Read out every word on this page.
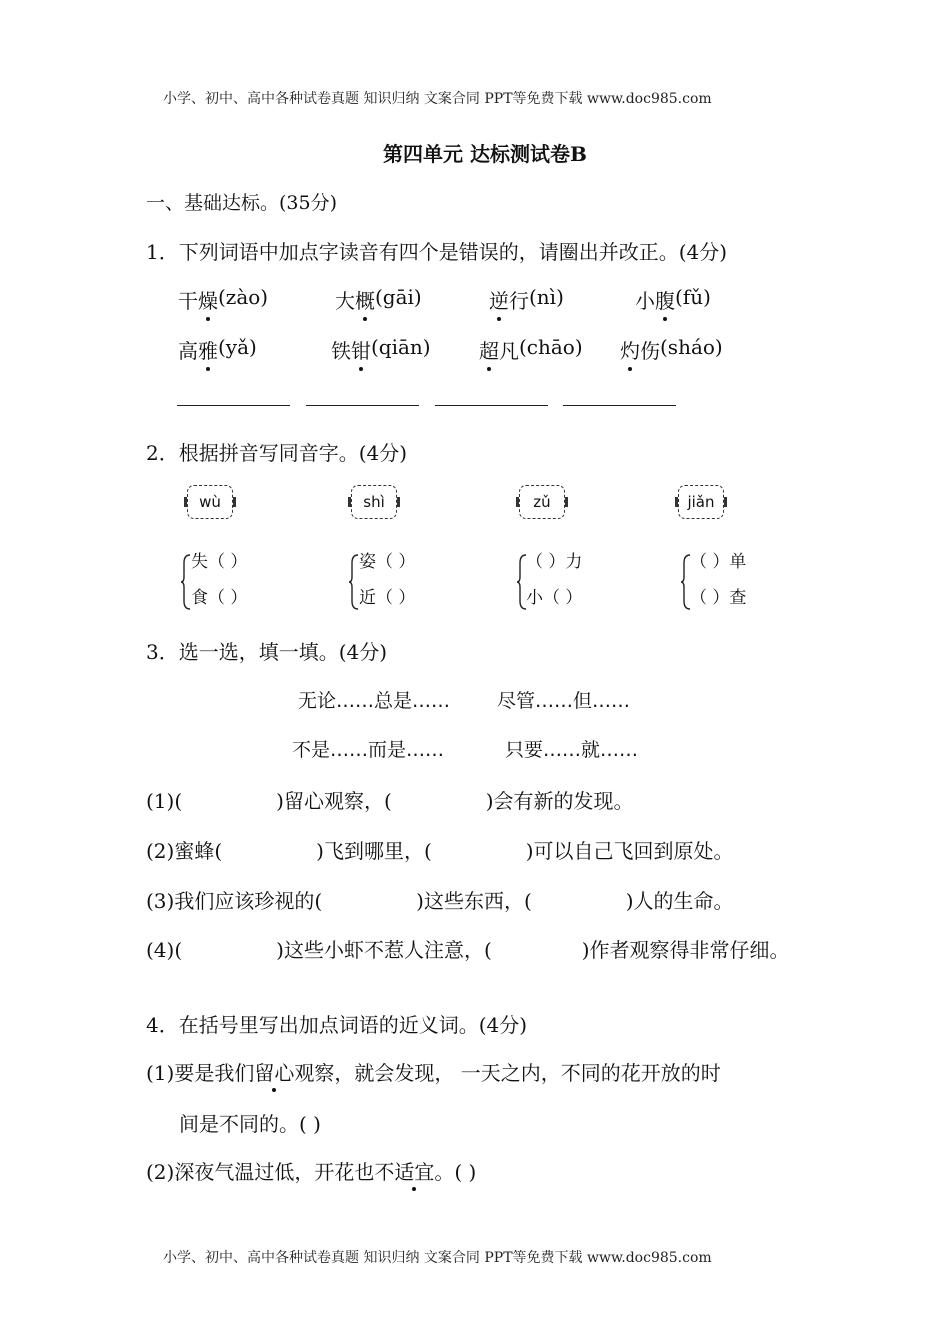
小学、初中、高中各种试卷真题 知识归纳 文案合同 PPT等免费下载 www.doc985.com
第四单元 达标测试卷B
一、基础达标。(35分)
1．下列词语中加点字读音有四个是错误的，请圈出并改正。(4分)
干 燥 (zào)	大 概 (gāi)	逆 行 (nì)	小 腹 (fǔ)
高 雅 (yǎ)	铁 钳 (qiān) 超 凡 (chāo) 灼 伤 (sháo)
2．根据拼音写同音字。(4分)
wù	shì	zǔ	jiǎn
失（ ）
食（ ）
姿（ ）
近（ ）
（ ）力
小（ ）
（ ）单
（ ）查
3．选一选，填一填。(4分)
无论……总是…… 尽管……但……
不是……而是……	只要……就……
(1)(	)留心观察，(	)会有新的发现。
(2)蜜蜂(	)飞到哪里，(	)可以自己飞回到原处。
(3)我们应该珍视的(	)这些东西，(	)人的生命。
(4)(	)这些小虾不惹人注意，(	)作者观察得非常仔细。
4．在括号里写出加点词语的近义词。(4分)
(1)要是我们留心观察，就会发现， 一天之内，不同的花开放的时
间是不同的。( )
(2)深夜气温过低，开花也不适宜。( )
小学、初中、高中各种试卷真题 知识归纳 文案合同 PPT等免费下载 www.doc985.com
